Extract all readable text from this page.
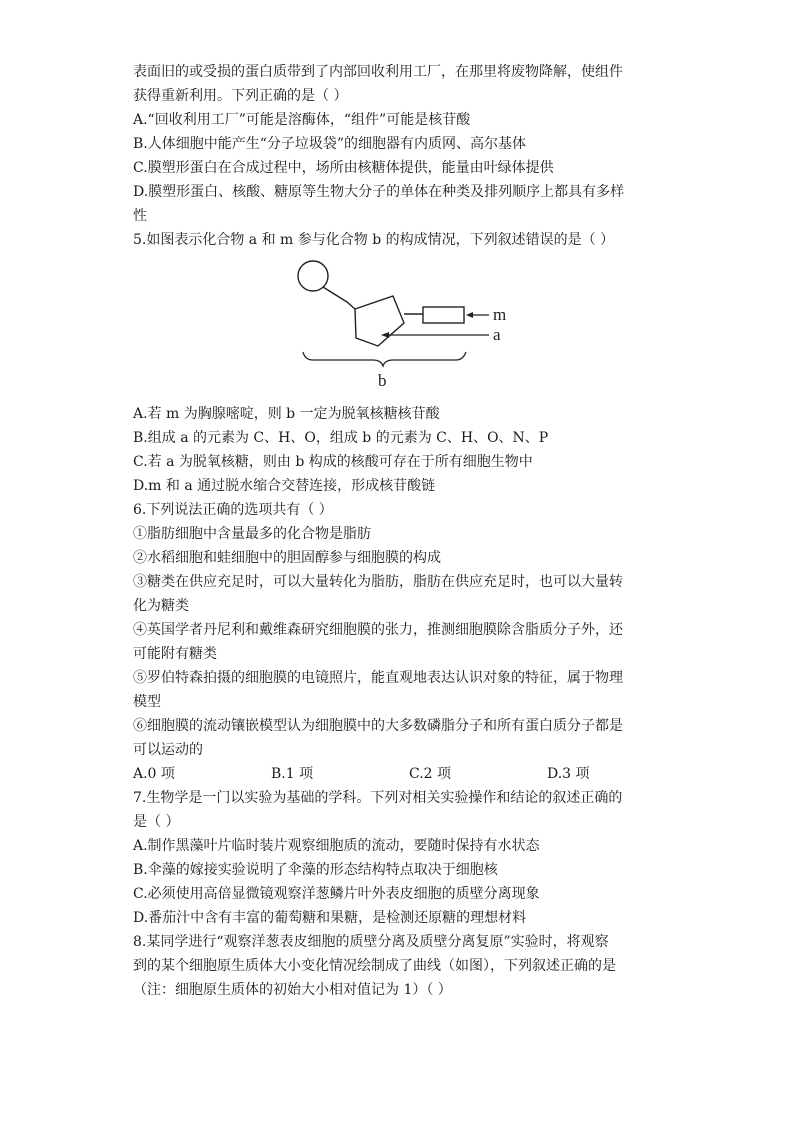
表面旧的或受损的蛋白质带到了内部回收利用工厂，在那里将废物降解，使组件
获得重新利用。下列正确的是（ ）
A.“回收利用工厂”可能是溶酶体，“组件”可能是核苷酸
B.人体细胞中能产生“分子垃圾袋”的细胞器有内质网、高尔基体
C.膜塑形蛋白在合成过程中，场所由核糖体提供，能量由叶绿体提供
D.膜塑形蛋白、核酸、糖原等生物大分子的单体在种类及排列顺序上都具有多样
性
5.如图表示化合物 a 和 m 参与化合物 b 的构成情况，下列叙述错误的是（ ）
m
a
b
A.若 m 为胸腺嘧啶，则 b 一定为脱氧核糖核苷酸
B.组成 a 的元素为 C、H、O，组成 b 的元素为 C、H、O、N、P
C.若 a 为脱氧核糖，则由 b 构成的核酸可存在于所有细胞生物中
D.m 和 a 通过脱水缩合交替连接，形成核苷酸链
6.下列说法正确的选项共有（ ）
①脂肪细胞中含量最多的化合物是脂肪
②水稻细胞和蛙细胞中的胆固醇参与细胞膜的构成
③糖类在供应充足时，可以大量转化为脂肪，脂肪在供应充足时，也可以大量转
化为糖类
④英国学者丹尼利和戴维森研究细胞膜的张力，推测细胞膜除含脂质分子外，还
可能附有糖类
⑤罗伯特森拍摄的细胞膜的电镜照片，能直观地表达认识对象的特征，属于物理
模型
⑥细胞膜的流动镶嵌模型认为细胞膜中的大多数磷脂分子和所有蛋白质分子都是
可以运动的
A.0 项	B.1 项	C.2 项	D.3 项
7.生物学是一门以实验为基础的学科。下列对相关实验操作和结论的叙述正确的
是（ ）
A.制作黑藻叶片临时装片观察细胞质的流动，要随时保持有水状态
B.伞藻的嫁接实验说明了伞藻的形态结构特点取决于细胞核
C.必须使用高倍显微镜观察洋葱鳞片叶外表皮细胞的质壁分离现象
D.番茄汁中含有丰富的葡萄糖和果糖，是检测还原糖的理想材料
8.某同学进行“观察洋葱表皮细胞的质壁分离及质壁分离复原”实验时，将观察
到的某个细胞原生质体大小变化情况绘制成了曲线（如图），下列叙述正确的是
（注：细胞原生质体的初始大小相对值记为 1）（ ）
